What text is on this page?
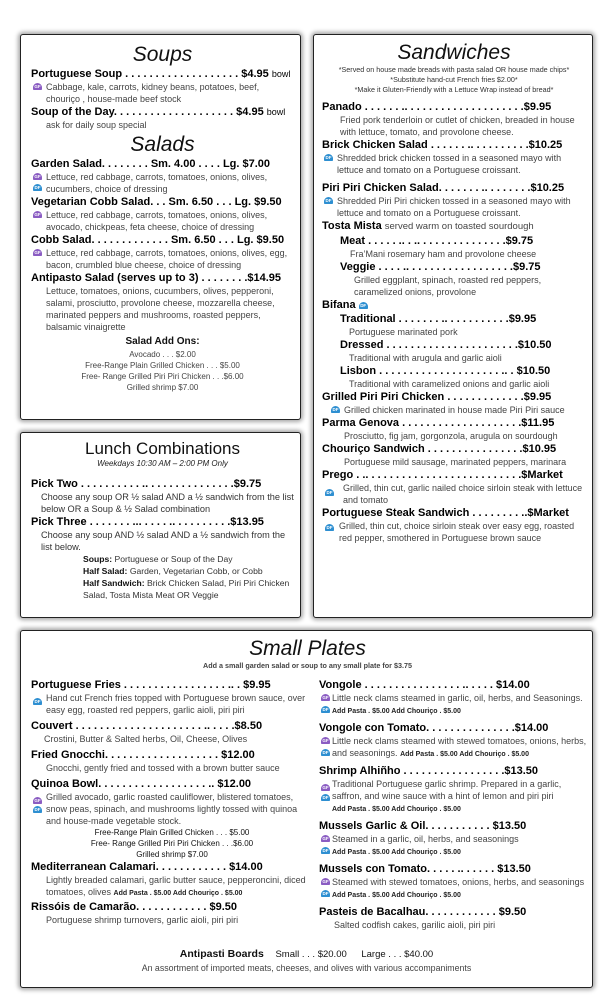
Soups
Portuguese Soup . . . . . . . . . . . . . . . . . . . $4.95 bowl
GF Cabbage, kale, carrots, kidney beans, potatoes, beef, chouriço , house-made beef stock
Soup of the Day. . . . . . . . . . . . . . . . . . . . $4.95 bowl
ask for daily soup special
Salads
Garden Salad. . . . . . . . Sm. 4.00 . . . . Lg. $7.00
GF
DF
Lettuce, red cabbage, carrots, tomatoes, onions, olives, cucumbers, choice of dressing
Vegetarian Cobb Salad. . . Sm. 6.50 . . . Lg. $9.50
GF Lettuce, red cabbage, carrots, tomatoes, onions, olives, avocado, chickpeas, feta cheese, choice of dressing
Cobb Salad. . . . . . . . . . . . . Sm. 6.50 . . . Lg. $9.50
GF Lettuce, red cabbage, carrots, tomatoes, onions, olives, egg, bacon, crumbled blue cheese, choice of dressing
Antipasto Salad (serves up to 3) . . . . . . . .$14.95
Lettuce, tomatoes, onions, cucumbers, olives, pepperoni, salami, prosciutto, provolone cheese, mozzarella cheese, marinated peppers and mushrooms, roasted peppers, balsamic vinaigrette
Salad Add Ons:
Avocado . . . $2.00
Free-Range Plain Grilled Chicken . . . $5.00
Free- Range Grilled Piri Piri Chicken . . .$6.00
Grilled shrimp $7.00
Lunch Combinations
Weekdays 10:30 AM – 2:00 PM Only
Pick Two . . . . . . . . . . .. . . . . . . . . . . . . . .$9.75
Choose any soup OR ½ salad AND a ½ sandwich from the list below OR a Soup & ½ Salad combination
Pick Three . . . . . . . ... . . . . .. . . . . . . . . .$13.95
Choose any soup AND ½ salad AND a ½ sandwich from the list below.
Soups: Portuguese or Soup of the Day
Half Salad: Garden, Vegetarian Cobb, or Cobb
Half Sandwich: Brick Chicken Salad, Piri Piri Chicken Salad, Tosta Mista Meat OR Veggie
Sandwiches
*Served on house made breads with pasta salad OR house made chips*
*Substitute hand-cut French fries $2.00*
*Make it Gluten-Friendly with a Lettuce Wrap instead of bread*
Panado . . . . . . .. . . . . . . . . . . . . . . . . . . .$9.95
Fried pork tenderloin or cutlet of chicken, breaded in house with lettuce, tomato, and provolone cheese.
Brick Chicken Salad . . . . . . .. . . . . . . . . .$10.25
DF Shredded brick chicken tossed in a seasoned mayo with lettuce and tomato on a Portuguese croissant.
Piri Piri Chicken Salad. . . . . . . .. . . . . . . .$10.25
DF Shredded Piri Piri chicken tossed in a seasoned mayo with lettuce and tomato on a Portuguese croissant.
Tosta Mista served warm on toasted sourdough
Meat . . . . . .. . .. . . . . . . . . . . . . . .$9.75
Fra’Mani rosemary ham and provolone cheese
Veggie . . . . .. . . . . . . . . . . . . . . . . .$9.75
Grilled eggplant, spinach, roasted red peppers, caramelized onions, provolone
Bifana DF
Traditional . . . . . . . .. . . . . . . . . . .$9.95
Portuguese marinated pork
Dressed . . . . . . . . . . . . . . . . . . . . . .$10.50
Traditional with arugula and garlic aioli
Lisbon . . . . . . . . . . . . . . . . . . . . .. . $10.50
Traditional with caramelized onions and garlic aioli
Grilled Piri Piri Chicken . . . . . . . . . . . . .$9.95
DF Grilled chicken marinated in house made Piri Piri sauce
Parma Genova . . . . . . . . . . . . . . . . . . . .$11.95
Prosciutto, fig jam, gorgonzola, arugula on sourdough
Chouriço Sandwich . . . . . . . . . . . . . . . .$10.95
Portuguese mild sausage, marinated peppers, marinara
Prego . .. . . . . . . . . . . . . . . . . . . . . . . . . .$Market
DF Grilled, thin cut, garlic nailed choice sirloin steak with lettuce and tomato
Portuguese Steak Sandwich . . . . . . . . ..$Market
DF Grilled, thin cut, choice sirloin steak over easy egg, roasted red pepper, smothered in Portuguese brown sauce
Small Plates
Add a small garden salad or soup to any small plate for $3.75
Portuguese Fries . . . . . . . . . . . . . . . . . .. . $9.95
DF Hand cut French fries topped with Portuguese brown sauce, over easy egg, roasted red peppers, garlic aioli, piri piri
Couvert . . . . . . . . . . . . . . . . . . . . . .. . . . .$8.50
Crostini, Butter & Salted herbs, Oil, Cheese, Olives
Fried Gnocchi. . . . . . . . . . . . . . . . . . . $12.00
Gnocchi, gently fried and tossed with a brown butter sauce
Quinoa Bowl. . . . . . . . . . . . . . . . . . .. $12.00
GF
DF
Grilled avocado, garlic roasted cauliflower, blistered tomatoes, snow peas, spinach, and mushrooms lightly tossed with quinoa and house-made vegetable stock.
Free-Range Plain Grilled Chicken . . . $5.00
Free- Range Grilled Piri Piri Chicken . . .$6.00
Grilled shrimp $7.00
Mediterranean Calamari. . . . . . . . . . . . $14.00
Lightly breaded calamari, garlic butter sauce, pepperoncini, diced tomatoes, olives Add Pasta . $5.00 Add Chouriço . $5.00
Rissóis de Camarão. . . . . . . . . . . . $9.50
Portuguese shrimp turnovers, garlic aioli, piri piri
Vongole . . . . . . . . . . . . . . . . .. . . . . $14.00
GF
DF
Little neck clams steamed in garlic, oil, herbs, and Seasonings. Add Pasta . $5.00 Add Chouriço . $5.00
Vongole con Tomato. . . . . . . . . . . . . . .$14.00
GF
DF
Little neck clams steamed with stewed tomatoes, onions, herbs, and seasonings. Add Pasta . $5.00 Add Chouriço . $5.00
Shrimp Alhiñho . . . . . . . . . . . . . . . . .$13.50
GF
DF
Traditional Portuguese garlic shrimp. Prepared in a garlic, saffron, and wine sauce with a hint of lemon and piri piri
Add Pasta . $5.00 Add Chouriço . $5.00
Mussels Garlic & Oil. . . . . . . . . . . $13.50
GF
DF
Steamed in a garlic, oil, herbs, and seasonings
Add Pasta . $5.00 Add Chouriço . $5.00
Mussels con Tomato. . . . . .. . . . . . $13.50
GF
DF
Steamed with stewed tomatoes, onions, herbs, and seasonings Add Pasta . $5.00 Add Chouriço . $5.00
Pasteis de Bacalhau. . . . . . . . . . . . $9.50
Salted codfish cakes, garilic aioli, piri piri
Antipasti Boards Small . . . $20.00 Large . . . $40.00
An assortment of imported meats, cheeses, and olives with various accompaniments
